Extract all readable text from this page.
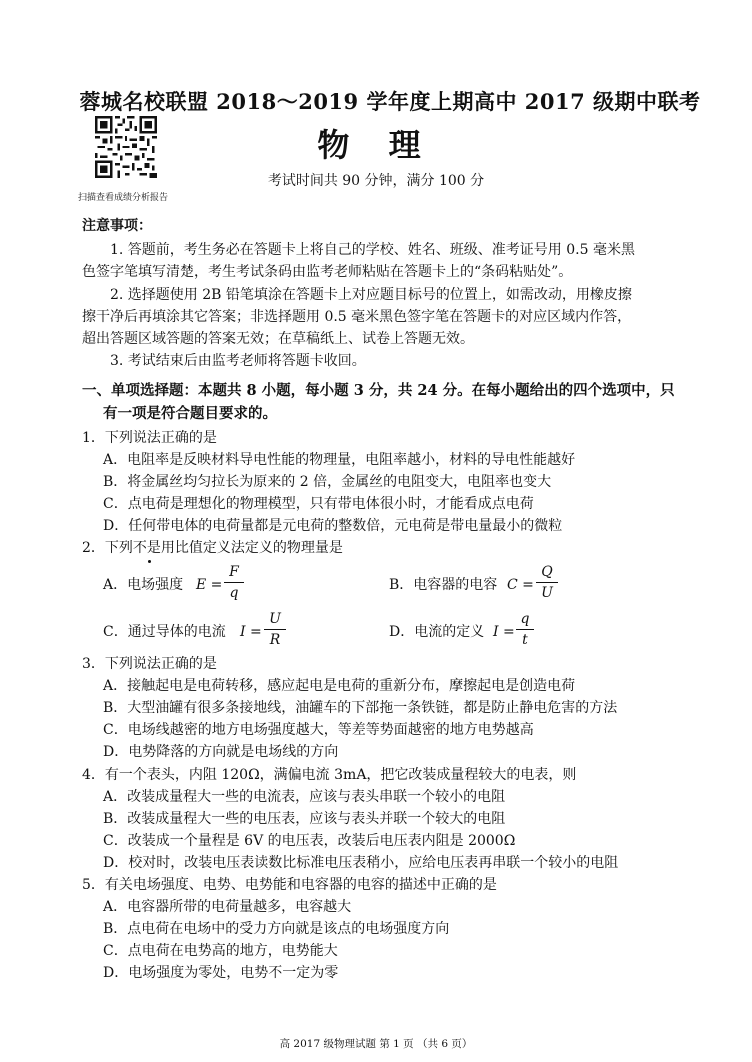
蓉城名校联盟 2018～2019 学年度上期高中 2017 级期中联考
扫描查看成绩分析报告
物 理
考试时间共 90 分钟，满分 100 分
注意事项：
1. 答题前，考生务必在答题卡上将自己的学校、姓名、班级、准考证号用 0.5 毫米黑
色签字笔填写清楚，考生考试条码由监考老师粘贴在答题卡上的“条码粘贴处”。
2. 选择题使用 2B 铅笔填涂在答题卡上对应题目标号的位置上，如需改动，用橡皮擦
擦干净后再填涂其它答案；非选择题用 0.5 毫米黑色签字笔在答题卡的对应区域内作答，
超出答题区域答题的答案无效；在草稿纸上、试卷上答题无效。
3. 考试结束后由监考老师将答题卡收回。
一、单项选择题：本题共 8 小题，每小题 3 分，共 24 分。在每小题给出的四个选项中，只
有一项是符合题目要求的。
1．下列说法正确的是
A．电阻率是反映材料导电性能的物理量，电阻率越小，材料的导电性能越好
B．将金属丝均匀拉长为原来的 2 倍，金属丝的电阻变大，电阻率也变大
C．点电荷是理想化的物理模型，只有带电体很小时，才能看成点电荷
D．任何带电体的电荷量都是元电荷的整数倍，元电荷是带电量最小的微粒
2．下列不是用比值定义法定义的物理量是
A．电场强度 E =
F
q	B．电容器的电容 C =
Q
U
C．通过导体的电流 I =
U
R	D．电流的定义 I =
q
t
3．下列说法正确的是
A．接触起电是电荷转移，感应起电是电荷的重新分布，摩擦起电是创造电荷
B．大型油罐有很多条接地线，油罐车的下部拖一条铁链，都是防止静电危害的方法
C．电场线越密的地方电场强度越大，等差等势面越密的地方电势越高
D．电势降落的方向就是电场线的方向
4．有一个表头，内阻 120Ω，满偏电流 3mA，把它改装成量程较大的电表，则
A．改装成量程大一些的电流表，应该与表头串联一个较小的电阻
B．改装成量程大一些的电压表，应该与表头并联一个较大的电阻
C．改装成一个量程是 6V 的电压表，改装后电压表内阻是 2000Ω
D．校对时，改装电压表读数比标准电压表稍小，应给电压表再串联一个较小的电阻
5．有关电场强度、电势、电势能和电容器的电容的描述中正确的是
A．电容器所带的电荷量越多，电容越大
B．点电荷在电场中的受力方向就是该点的电场强度方向
C．点电荷在电势高的地方，电势能大
D．电场强度为零处，电势不一定为零
高 2017 级物理试题 第 1 页 （共 6 页）
